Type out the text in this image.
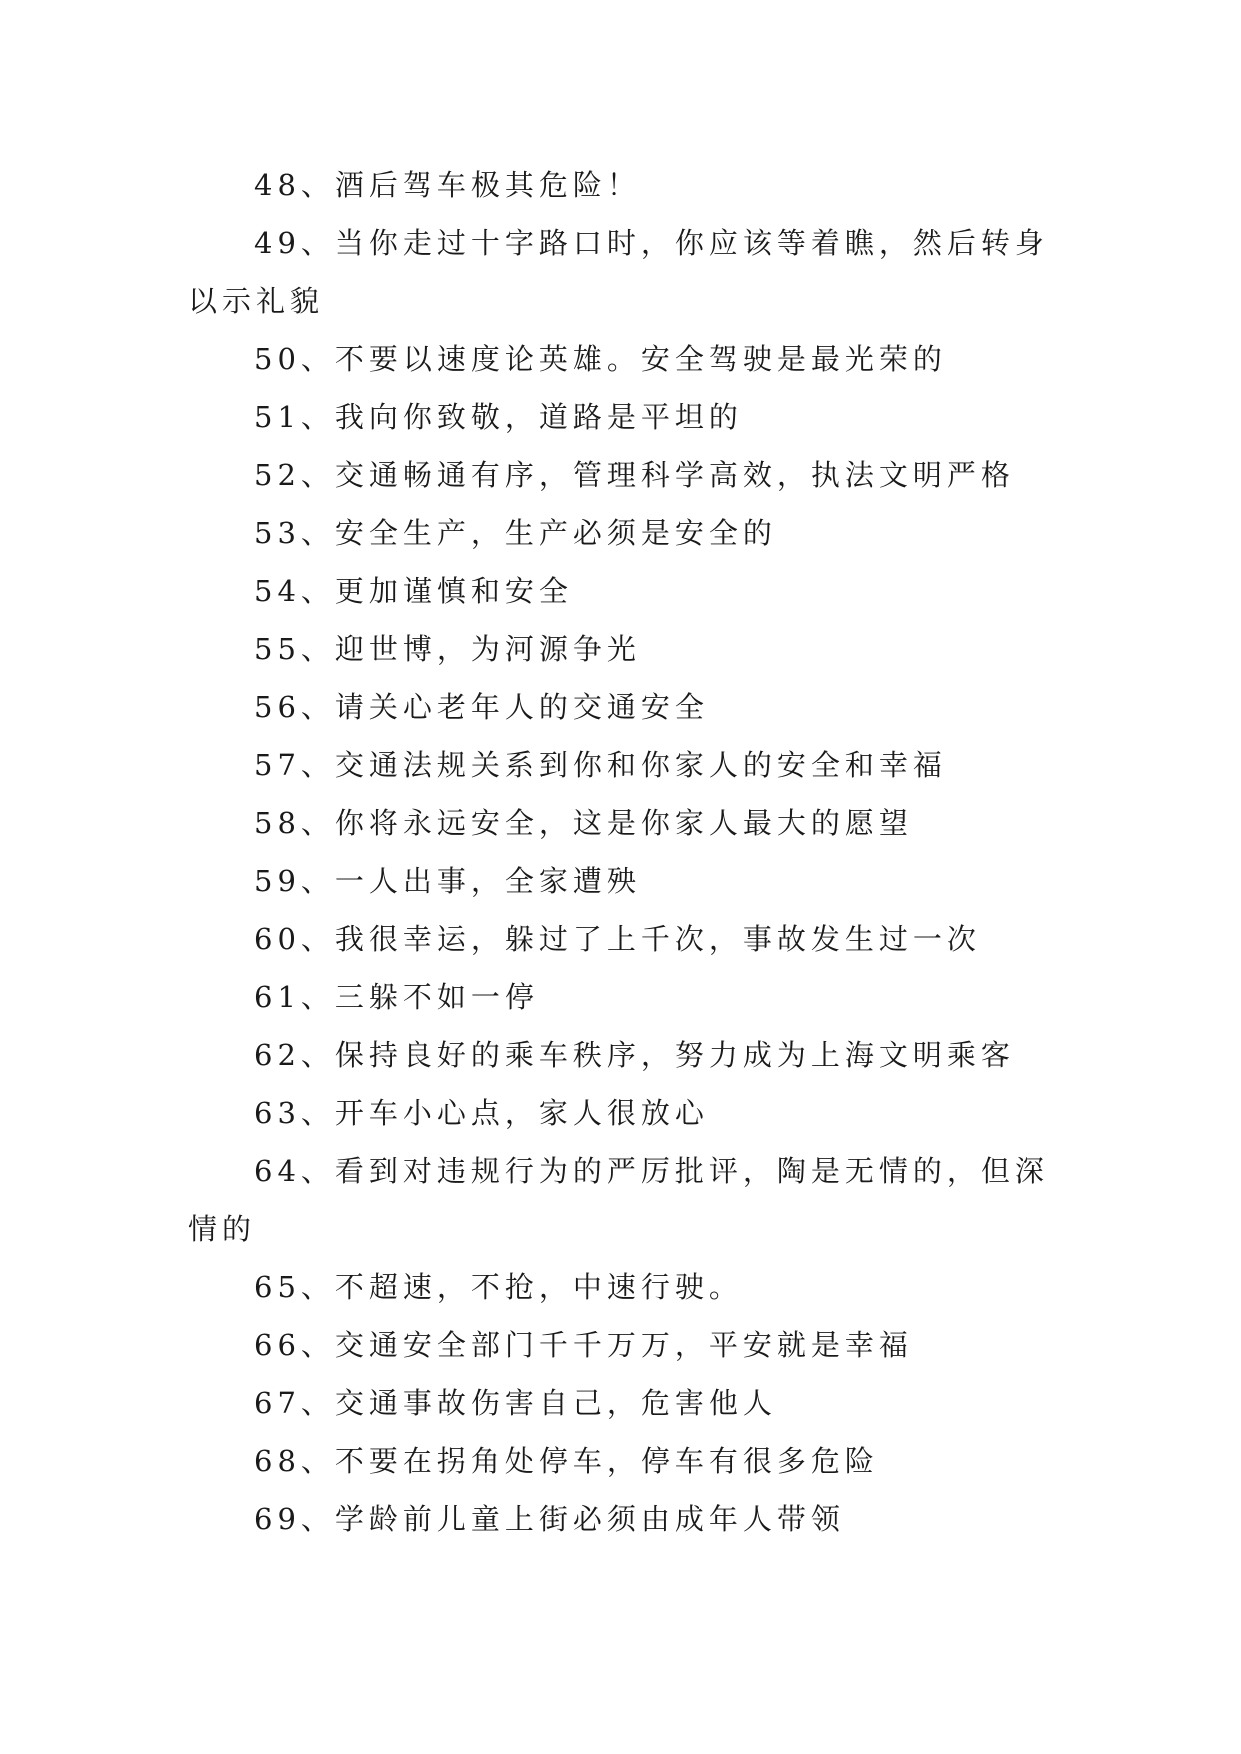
48、酒后驾车极其危险！

49、当你走过十字路口时，你应该等着瞧，然后转身以示礼貌

50、不要以速度论英雄。安全驾驶是最光荣的

51、我向你致敬，道路是平坦的

52、交通畅通有序，管理科学高效，执法文明严格

53、安全生产，生产必须是安全的

54、更加谨慎和安全

55、迎世博，为河源争光

56、请关心老年人的交通安全

57、交通法规关系到你和你家人的安全和幸福

58、你将永远安全，这是你家人最大的愿望

59、一人出事，全家遭殃

60、我很幸运，躲过了上千次，事故发生过一次

61、三躲不如一停

62、保持良好的乘车秩序，努力成为上海文明乘客

63、开车小心点，家人很放心

64、看到对违规行为的严厉批评，陶是无情的，但深情的

65、不超速，不抢，中速行驶。

66、交通安全部门千千万万，平安就是幸福

67、交通事故伤害自己，危害他人

68、不要在拐角处停车，停车有很多危险

69、学龄前儿童上街必须由成年人带领
